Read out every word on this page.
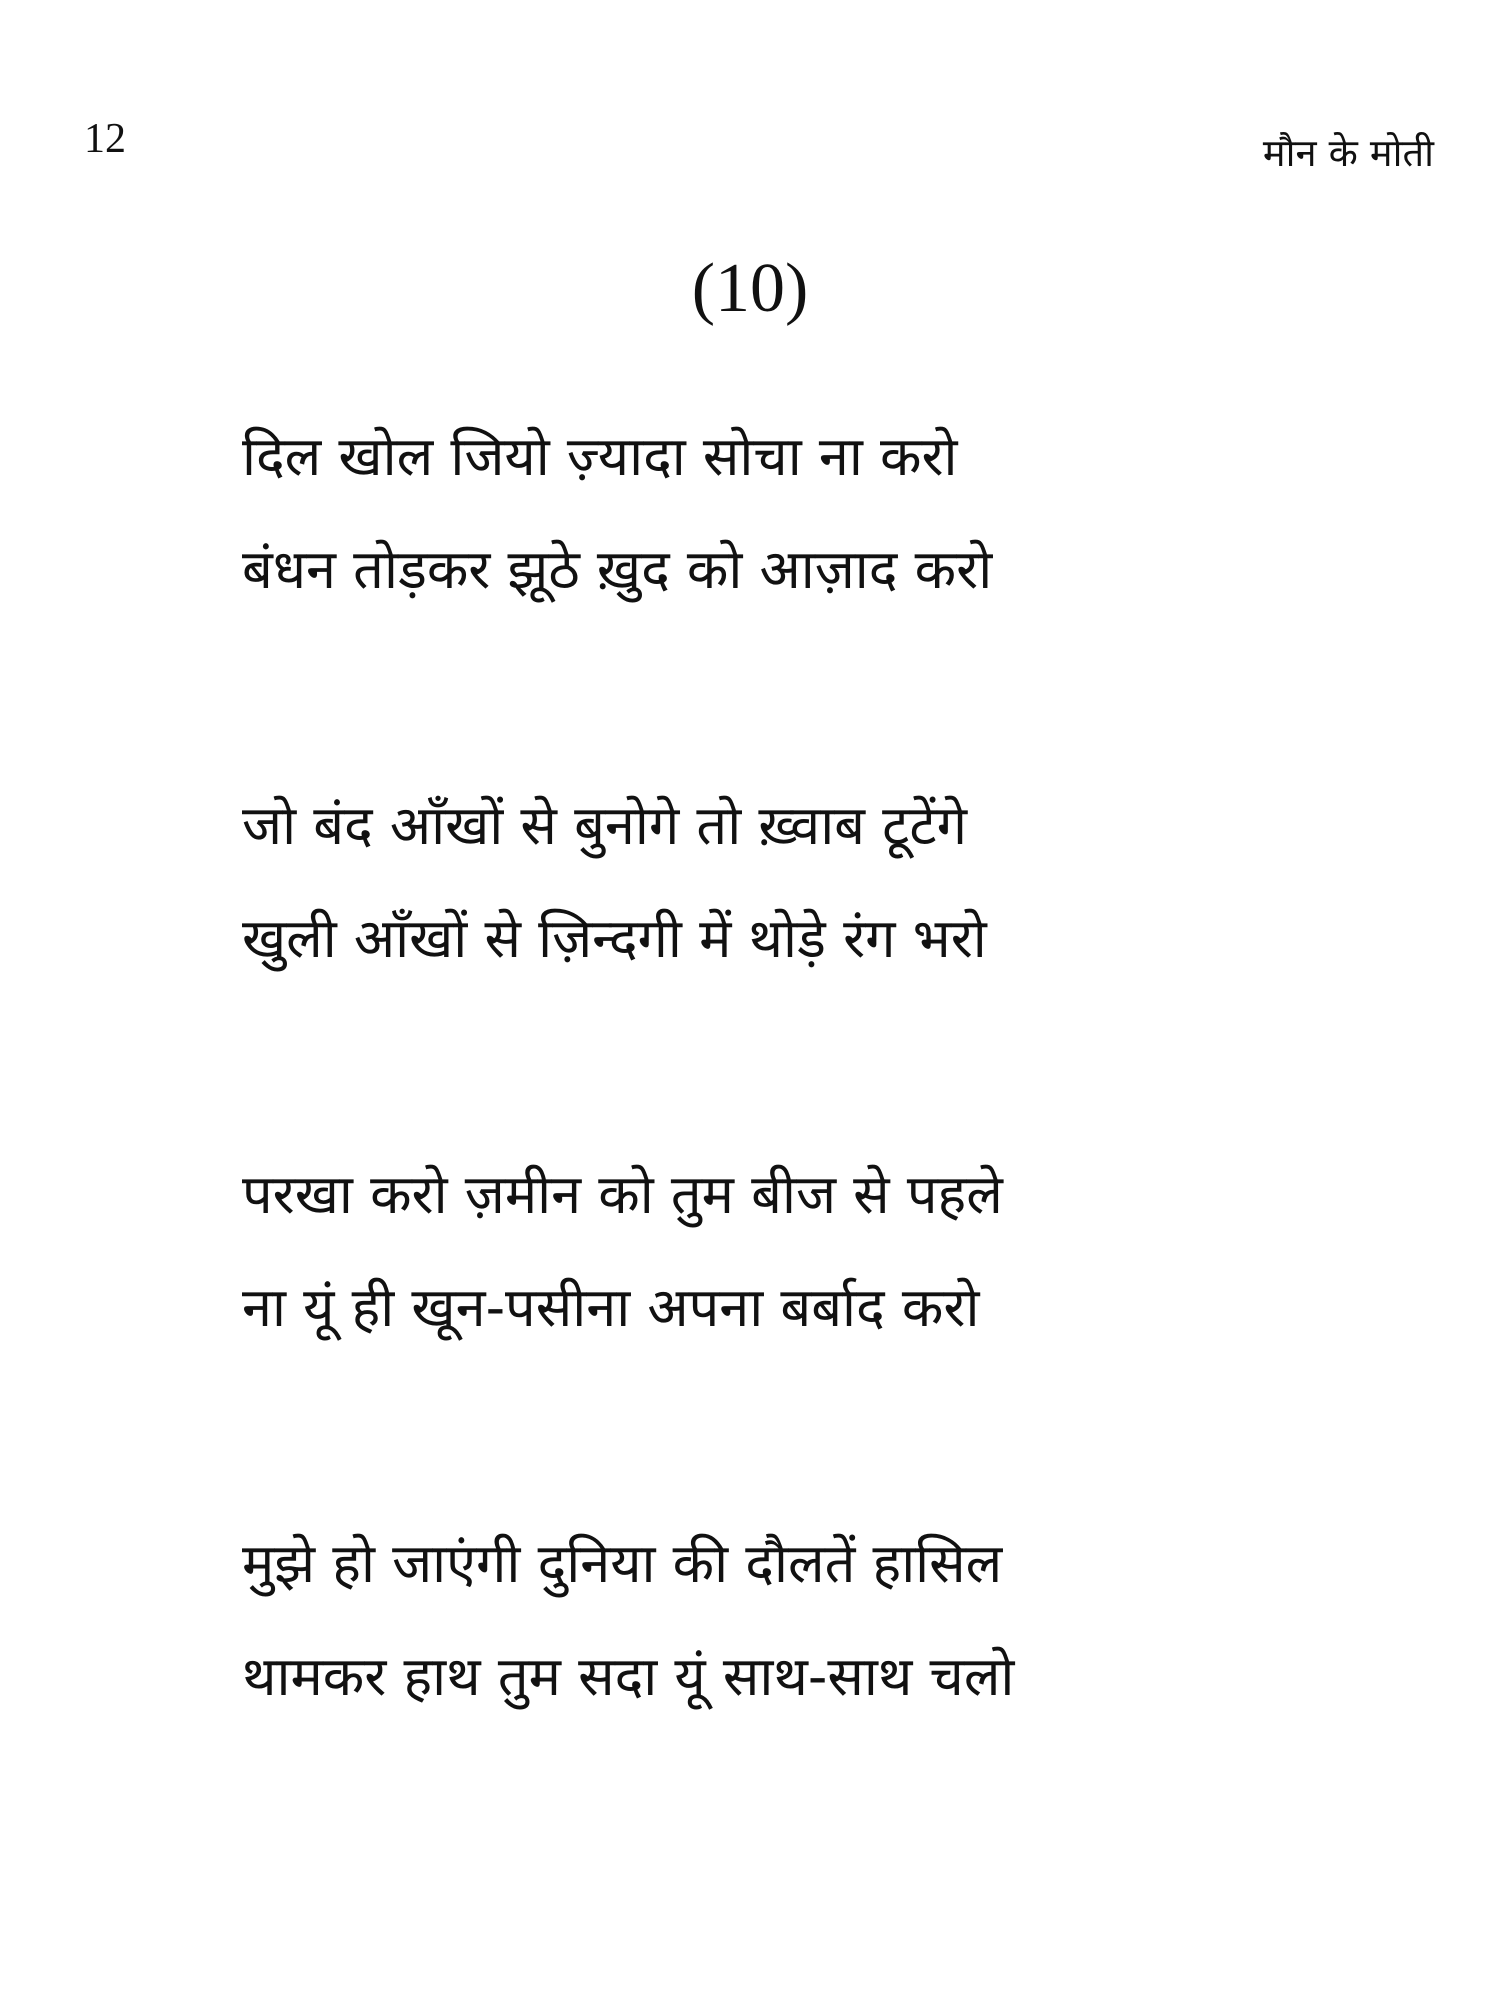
12	मौन के मोती
(10)
दिल खोल जियो ज़्यादा सोचा ना करो
बंधन तोड़कर झूठे ख़ुद को आज़ाद करो
जो बंद आँखों से बुनोगे तो ख़्वाब टूटेंगे
खुली आँखों से ज़िन्दगी में थोड़े रंग भरो
परखा करो ज़मीन को तुम बीज से पहले
ना यूं ही खून-पसीना अपना बर्बाद करो
मुझे हो जाएंगी दुनिया की दौलतें हासिल
थामकर हाथ तुम सदा यूं साथ-साथ चलो
